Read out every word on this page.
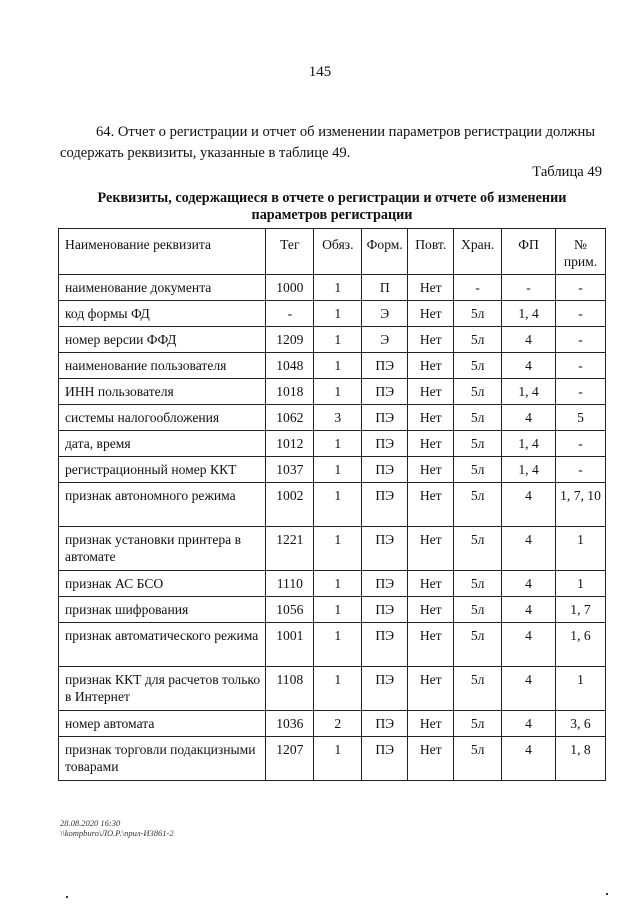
145
64. Отчет о регистрации и отчет об изменении параметров регистрации должны содержать реквизиты, указанные в таблице 49.
Таблица 49
Реквизиты, содержащиеся в отчете о регистрации и отчете об изменении
параметров регистрации
Наименование реквизита	Тег	Обяз.	Форм.	Повт.	Хран.	ФП	№ прим.
наименование документа	1000	1	П	Нет	-	-	-
код формы ФД	-	1	Э	Нет	5л	1, 4	-
номер версии ФФД	1209	1	Э	Нет	5л	4	-
наименование пользователя	1048	1	ПЭ	Нет	5л	4	-
ИНН пользователя	1018	1	ПЭ	Нет	5л	1, 4	-
системы налогообложения	1062	3	ПЭ	Нет	5л	4	5
дата, время	1012	1	ПЭ	Нет	5л	1, 4	-
регистрационный номер ККТ	1037	1	ПЭ	Нет	5л	1, 4	-
признак автономного режима	1002	1	ПЭ	Нет	5л	4	1, 7, 10
признак установки принтера в автомате	1221	1	ПЭ	Нет	5л	4	1
признак АС БСО	1110	1	ПЭ	Нет	5л	4	1
признак шифрования	1056	1	ПЭ	Нет	5л	4	1, 7
признак автоматического режима	1001	1	ПЭ	Нет	5л	4	1, 6
признак ККТ для расчетов только в Интернет	1108	1	ПЭ	Нет	5л	4	1
номер автомата	1036	2	ПЭ	Нет	5л	4	3, 6
признак торговли подакцизными товарами	1207	1	ПЭ	Нет	5л	4	1, 8
28.08.2020 16:30
\\kompburo\ЛО.Р.\прил-И3861-2
